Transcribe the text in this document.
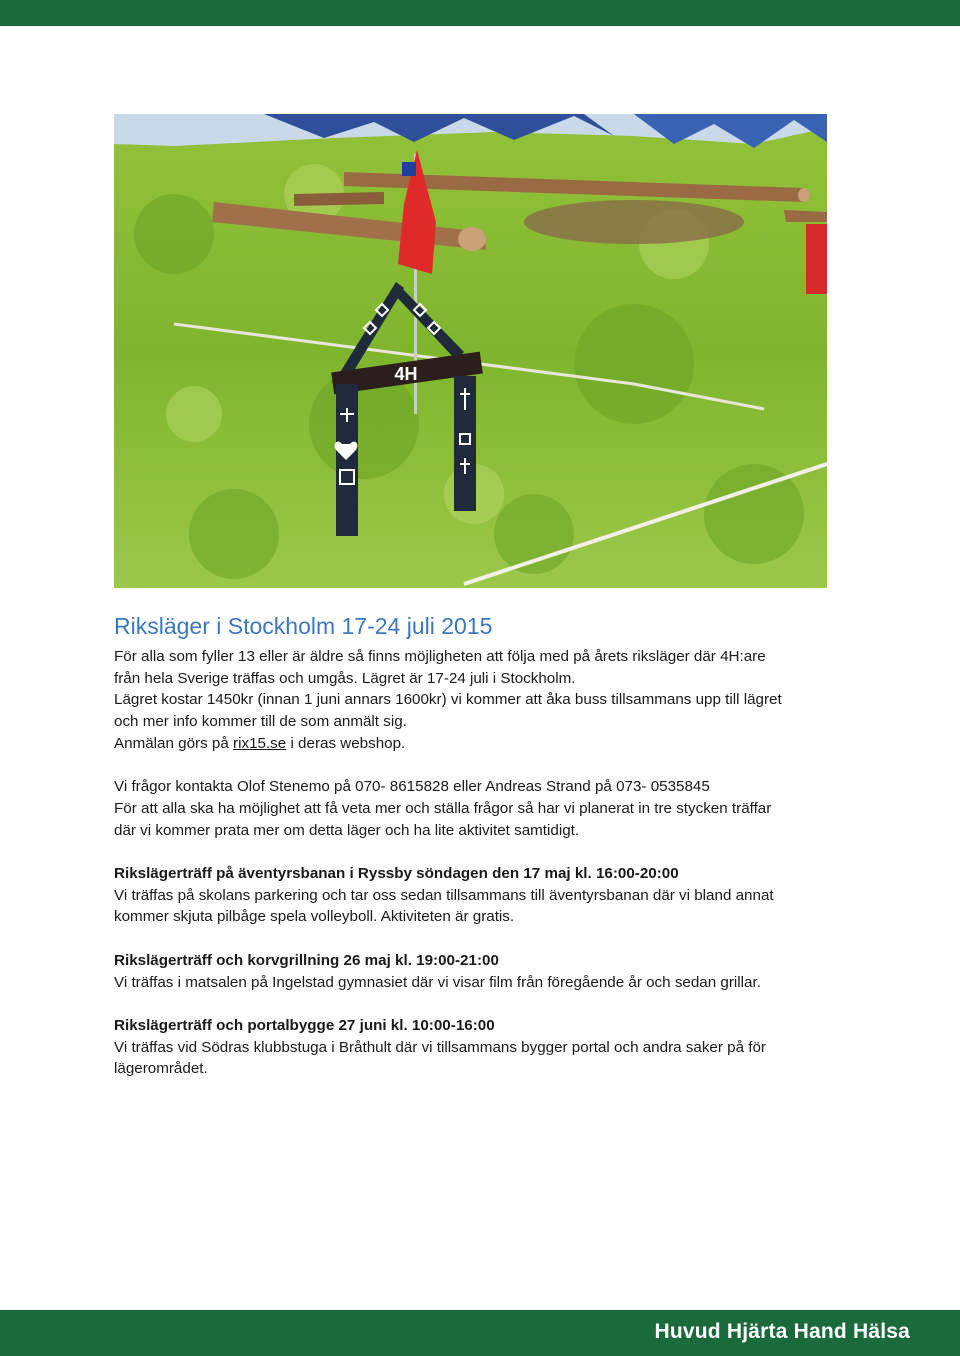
4H
Riksläger i Stockholm 17-24 juli 2015

För alla som fyller 13 eller är äldre så finns möjligheten att följa med på årets riksläger där 4H:are

från hela Sverige träffas och umgås. Lägret är 17-24 juli i Stockholm.

Lägret kostar 1450kr (innan 1 juni annars 1600kr) vi kommer att åka buss tillsammans upp till lägret

och mer info kommer till de som anmält sig.

Anmälan görs på rix15.se i deras webshop.

Vi frågor kontakta Olof Stenemo på 070- 8615828 eller Andreas Strand på 073- 0535845

För att alla ska ha möjlighet att få veta mer och ställa frågor så har vi planerat in tre stycken träffar

där vi kommer prata mer om detta läger och ha lite aktivitet samtidigt.

Rikslägerträff på äventyrsbanan i Ryssby söndagen den 17 maj kl. 16:00-20:00

Vi träffas på skolans parkering och tar oss sedan tillsammans till äventyrsbanan där vi bland annat

kommer skjuta pilbåge spela volleyboll. Aktiviteten är gratis.

Rikslägerträff och korvgrillning 26 maj kl. 19:00-21:00

Vi träffas i matsalen på Ingelstad gymnasiet där vi visar film från föregående år och sedan grillar.

Rikslägerträff och portalbygge 27 juni kl. 10:00-16:00

Vi träffas vid Södras klubbstuga i Bråthult där vi tillsammans bygger portal och andra saker på för

lägerområdet.

Huvud Hjärta Hand Hälsa
